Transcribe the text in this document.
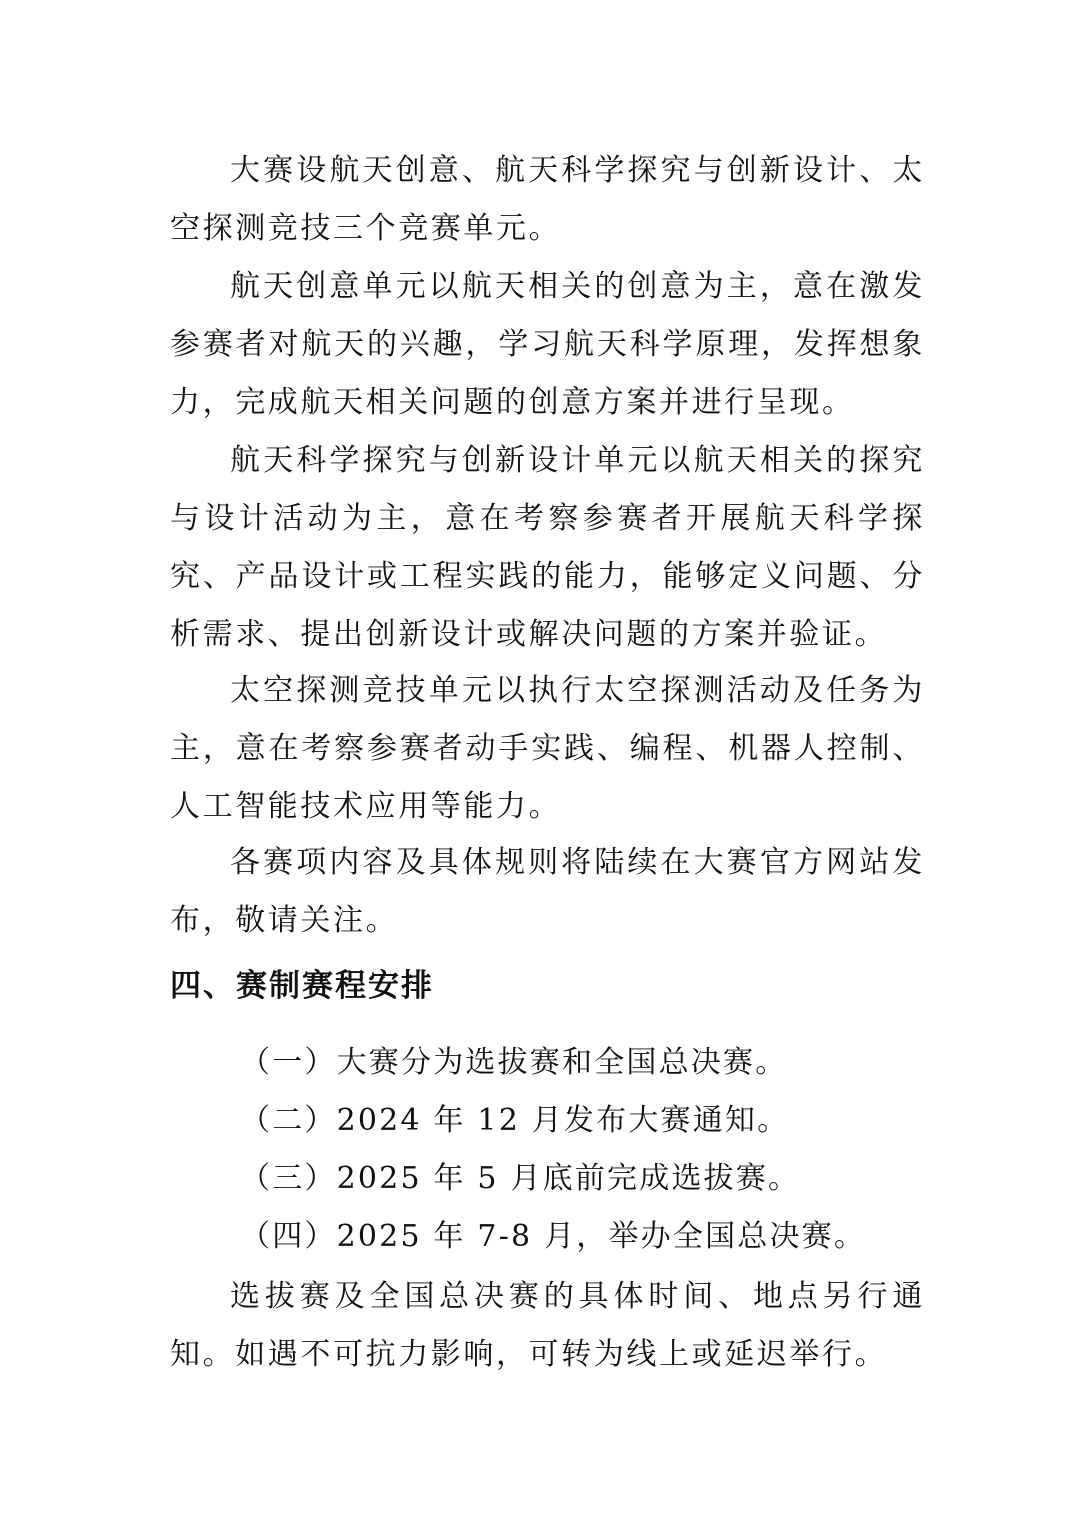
大赛设航天创意、航天科学探究与创新设计、太空探测竞技三个竞赛单元。

航天创意单元以航天相关的创意为主，意在激发参赛者对航天的兴趣，学习航天科学原理，发挥想象力，完成航天相关问题的创意方案并进行呈现。

航天科学探究与创新设计单元以航天相关的探究与设计活动为主，意在考察参赛者开展航天科学探究、产品设计或工程实践的能力，能够定义问题、分析需求、提出创新设计或解决问题的方案并验证。

太空探测竞技单元以执行太空探测活动及任务为主，意在考察参赛者动手实践、编程、机器人控制、人工智能技术应用等能力。

各赛项内容及具体规则将陆续在大赛官方网站发布，敬请关注。

四、赛制赛程安排

（一）大赛分为选拔赛和全国总决赛。

（二）2024 年 12 月发布大赛通知。

（三）2025 年 5 月底前完成选拔赛。

（四）2025 年 7-8 月，举办全国总决赛。

选拔赛及全国总决赛的具体时间、地点另行通知。如遇不可抗力影响，可转为线上或延迟举行。
